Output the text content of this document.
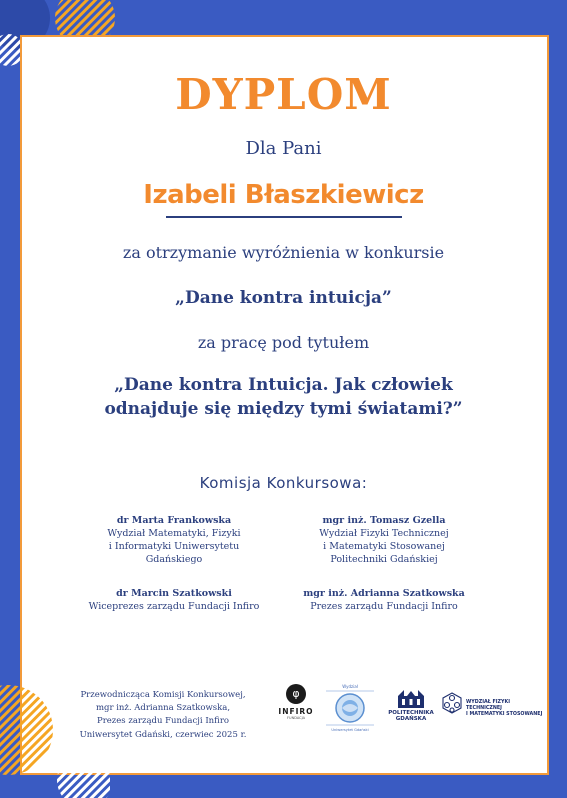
DYPLOM
Dla Pani
Izabeli Błaszkiewicz
za otrzymanie wyróżnienia w konkursie
„Dane kontra intuicja”
za pracę pod tytułem
„Dane kontra Intuicja. Jak człowiek
odnajduje się między tymi światami?”
Komisja Konkursowa:
dr Marta Frankowska
Wydział Matematyki, Fizyki
i Informatyki Uniwersytetu
Gdańskiego
mgr inż. Tomasz Gzella
Wydział Fizyki Technicznej
i Matematyki Stosowanej
Politechniki Gdańskiej
dr Marcin Szatkowski
Wiceprezes zarządu Fundacji Infiro
mgr inż. Adrianna Szatkowska
Prezes zarządu Fundacji Infiro
Przewodnicząca Komisji Konkursowej,
mgr inż. Adrianna Szatkowska,
Prezes zarządu Fundacji Infiro
Uniwersytet Gdański, czerwiec 2025 r.
φ
INFIRO
FUNDACJA
Wydział
Uniwersytet Gdański
POLITECHNIKA
GDAŃSKA
WYDZIAŁ FIZYKI TECHNICZNEJ
I MATEMATYKI STOSOWANEJ
